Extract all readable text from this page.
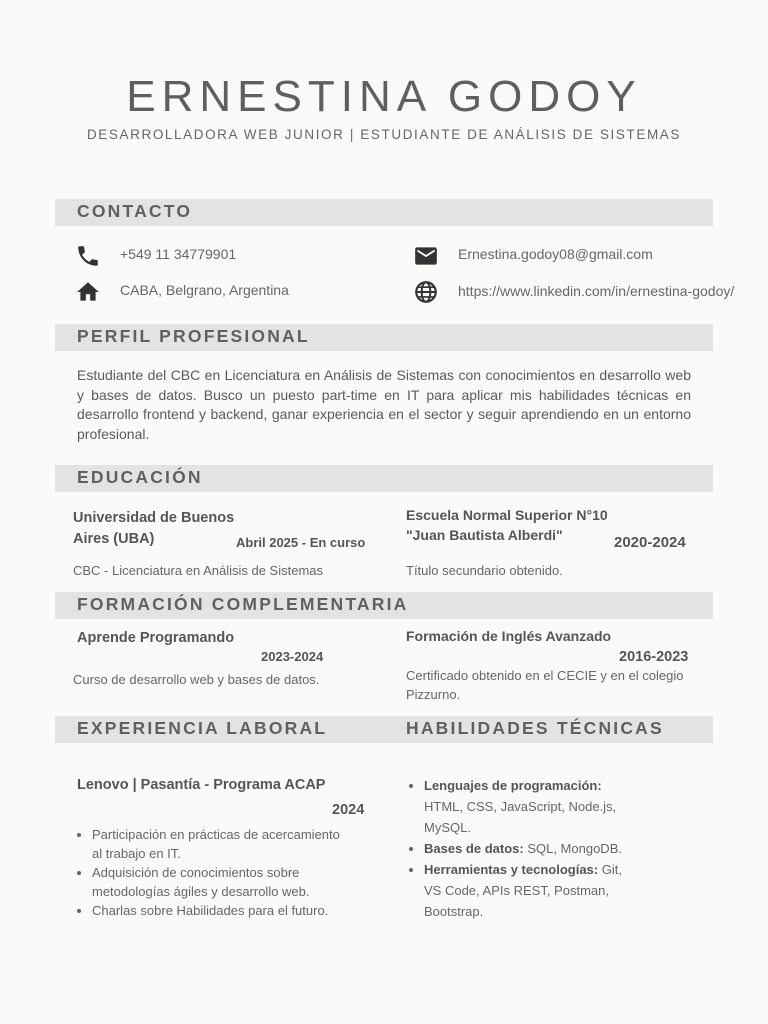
ERNESTINA GODOY
DESARROLLADORA WEB JUNIOR | ESTUDIANTE DE ANÁLISIS DE SISTEMAS
CONTACTO
+549 11 34779901
CABA, Belgrano, Argentina
Ernestina.godoy08@gmail.com
https://www.linkedin.com/in/ernestina-godoy/
PERFIL PROFESIONAL
Estudiante del CBC en Licenciatura en Análisis de Sistemas con conocimientos en desarrollo web y bases de datos. Busco un puesto part-time en IT para aplicar mis habilidades técnicas en desarrollo frontend y backend, ganar experiencia en el sector y seguir aprendiendo en un entorno profesional.
EDUCACIÓN
Universidad de Buenos
Aires (UBA)	Abril 2025 - En curso
CBC - Licenciatura en Análisis de Sistemas
Escuela Normal Superior N°10
"Juan Bautista Alberdi"	2020-2024
Título secundario obtenido.
FORMACIÓN COMPLEMENTARIA
Aprende Programando
2023-2024
Curso de desarrollo web y bases de datos.
Formación de Inglés Avanzado
2016-2023
Certificado obtenido en el CECIE y en el colegio
Pizzurno.
EXPERIENCIA LABORAL	HABILIDADES TÉCNICAS
Lenovo | Pasantía - Programa ACAP
2024
• Participación en prácticas de acercamiento
al trabajo en IT.
• Adquisición de conocimientos sobre
metodologías ágiles y desarrollo web.
• Charlas sobre Habilidades para el futuro.
• Lenguajes de programación:
HTML, CSS, JavaScript, Node.js,
MySQL.
• Bases de datos: SQL, MongoDB.
• Herramientas y tecnologías: Git,
VS Code, APIs REST, Postman,
Bootstrap.
